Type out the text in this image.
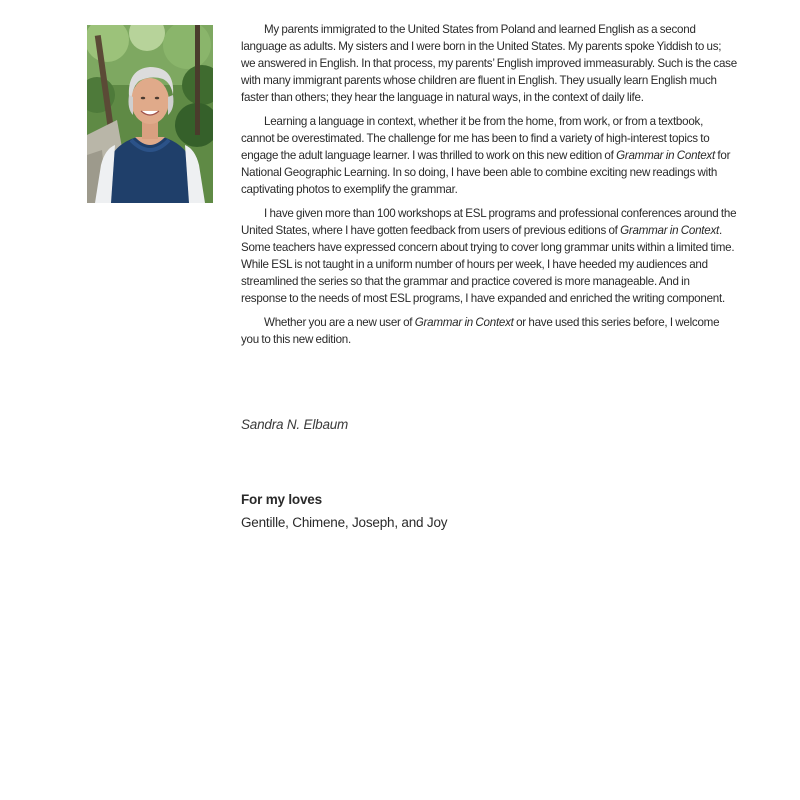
My parents immigrated to the United States from Poland and learned English as a second language as adults. My sisters and I were born in the United States. My parents spoke Yiddish to us; we answered in English. In that process, my parents’ English improved immeasurably. Such is the case with many immigrant parents whose children are fluent in English. They usually learn English much faster than others; they hear the language in natural ways, in the context of daily life.

Learning a language in context, whether it be from the home, from work, or from a textbook, cannot be overestimated. The challenge for me has been to find a variety of high-interest topics to engage the adult language learner. I was thrilled to work on this new edition of Grammar in Context for National Geographic Learning. In so doing, I have been able to combine exciting new readings with captivating photos to exemplify the grammar.

I have given more than 100 workshops at ESL programs and professional conferences around the United States, where I have gotten feedback from users of previous editions of Grammar in Context. Some teachers have expressed concern about trying to cover long grammar units within a limited time. While ESL is not taught in a uniform number of hours per week, I have heeded my audiences and streamlined the series so that the grammar and practice covered is more manageable. And in response to the needs of most ESL programs, I have expanded and enriched the writing component.

Whether you are a new user of Grammar in Context or have used this series before, I welcome you to this new edition.

Sandra N. Elbaum
For my loves
Gentille, Chimene, Joseph, and Joy
